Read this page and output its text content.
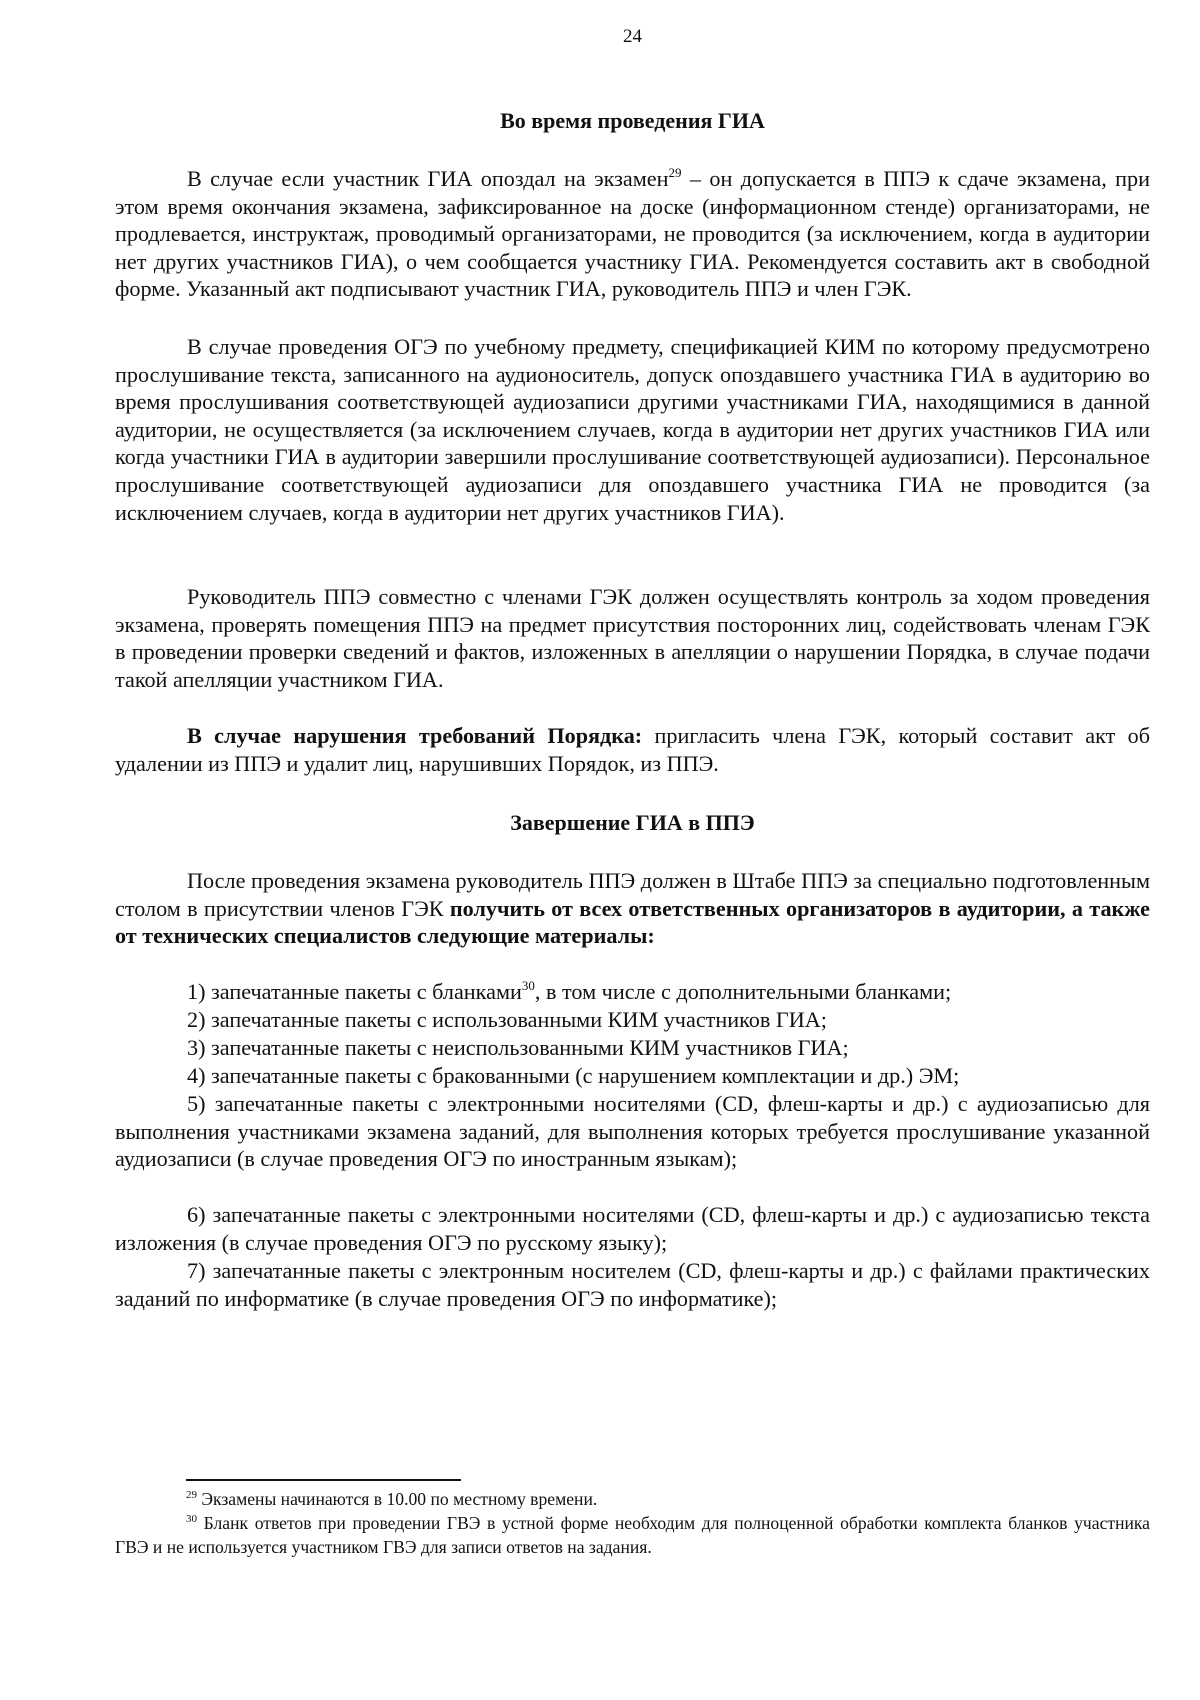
24
Во время проведения ГИА

В случае если участник ГИА опоздал на экзамен$^{29}$ – он допускается в ППЭ к сдаче экзамена, при этом время окончания экзамена, зафиксированное на доске (информационном стенде) организаторами, не продлевается, инструктаж, проводимый организаторами, не проводится (за исключением, когда в аудитории нет других участников ГИА), о чем сообщается участнику ГИА. Рекомендуется составить акт в свободной форме. Указанный акт подписывают участник ГИА, руководитель ППЭ и член ГЭК.

В случае проведения ОГЭ по учебному предмету, спецификацией КИМ по которому предусмотрено прослушивание текста, записанного на аудионоситель, допуск опоздавшего участника ГИА в аудиторию во время прослушивания соответствующей аудиозаписи другими участниками ГИА, находящимися в данной аудитории, не осуществляется (за исключением случаев, когда в аудитории нет других участников ГИА или когда участники ГИА в аудитории завершили прослушивание соответствующей аудиозаписи). Персональное прослушивание соответствующей аудиозаписи для опоздавшего участника ГИА не проводится (за исключением случаев, когда в аудитории нет других участников ГИА).

Руководитель ППЭ совместно с членами ГЭК должен осуществлять контроль за ходом проведения экзамена, проверять помещения ППЭ на предмет присутствия посторонних лиц, содействовать членам ГЭК в проведении проверки сведений и фактов, изложенных в апелляции о нарушении Порядка, в случае подачи такой апелляции участником ГИА.

В случае нарушения требований Порядка: пригласить члена ГЭК, который составит акт об удалении из ППЭ и удалит лиц, нарушивших Порядок, из ППЭ.

Завершение ГИА в ППЭ

После проведения экзамена руководитель ППЭ должен в Штабе ППЭ за специально подготовленным столом в присутствии членов ГЭК получить от всех ответственных организаторов в аудитории, а также от технических специалистов следующие материалы:

1) запечатанные пакеты с бланками$^{30}$, в том числе с дополнительными бланками;

2) запечатанные пакеты с использованными КИМ участников ГИА;

3) запечатанные пакеты с неиспользованными КИМ участников ГИА;

4) запечатанные пакеты с бракованными (с нарушением комплектации и др.) ЭМ;

5) запечатанные пакеты с электронными носителями (CD, флеш-карты и др.) с аудиозаписью для выполнения участниками экзамена заданий, для выполнения которых требуется прослушивание указанной аудиозаписи (в случае проведения ОГЭ по иностранным языкам);

6) запечатанные пакеты с электронными носителями (CD, флеш-карты и др.) с аудиозаписью текста изложения (в случае проведения ОГЭ по русскому языку);

7) запечатанные пакеты с электронным носителем (CD, флеш-карты и др.) с файлами практических заданий по информатике (в случае проведения ОГЭ по информатике);

$^{29}$ Экзамены начинаются в 10.00 по местному времени.

$^{30}$ Бланк ответов при проведении ГВЭ в устной форме необходим для полноценной обработки комплекта бланков участника ГВЭ и не используется участником ГВЭ для записи ответов на задания.
